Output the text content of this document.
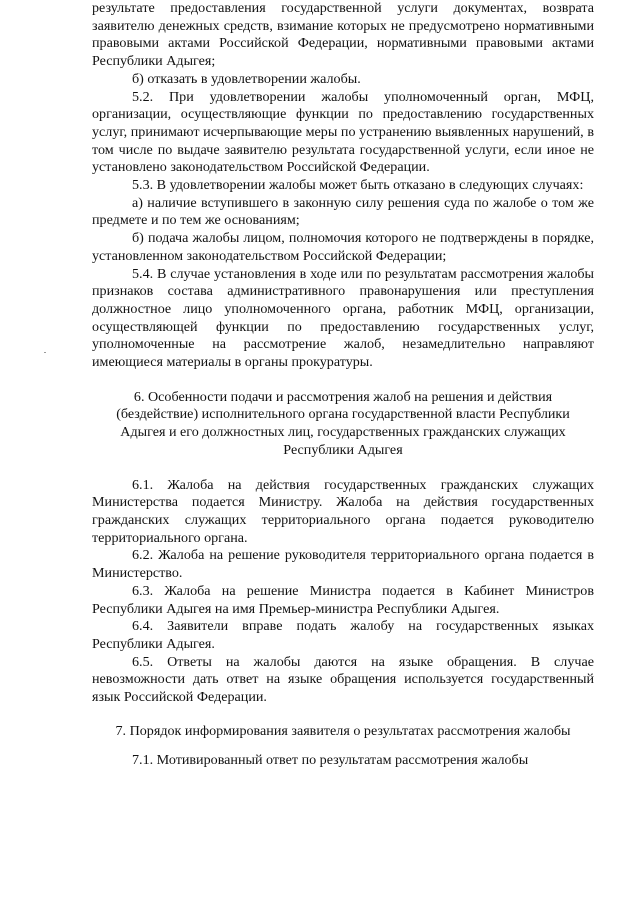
результате предоставления государственной услуги документах, возврата заявителю денежных средств, взимание которых не предусмотрено нормативными правовыми актами Российской Федерации, нормативными правовыми актами Республики Адыгея;

б) отказать в удовлетворении жалобы.

5.2. При удовлетворении жалобы уполномоченный орган, МФЦ, организации, осуществляющие функции по предоставлению государственных услуг, принимают исчерпывающие меры по устранению выявленных нарушений, в том числе по выдаче заявителю результата государственной услуги, если иное не установлено законодательством Российской Федерации.

5.3. В удовлетворении жалобы может быть отказано в следующих случаях:

а) наличие вступившего в законную силу решения суда по жалобе о том же предмете и по тем же основаниям;

б) подача жалобы лицом, полномочия которого не подтверждены в порядке, установленном законодательством Российской Федерации;

5.4. В случае установления в ходе или по результатам рассмотрения жалобы признаков состава административного правонарушения или преступления должностное лицо уполномоченного органа, работник МФЦ, организации, осуществляющей функции по предоставлению государственных услуг, уполномоченные на рассмотрение жалоб, незамедлительно направляют имеющиеся материалы в органы прокуратуры.

6. Особенности подачи и рассмотрения жалоб на решения и действия (бездействие) исполнительного органа государственной власти Республики Адыгея и его должностных лиц, государственных гражданских служащих Республики Адыгея

6.1. Жалоба на действия государственных гражданских служащих Министерства подается Министру. Жалоба на действия государственных гражданских служащих территориального органа подается руководителю территориального органа.

6.2. Жалоба на решение руководителя территориального органа подается в Министерство.

6.3. Жалоба на решение Министра подается в Кабинет Министров Республики Адыгея на имя Премьер-министра Республики Адыгея.

6.4. Заявители вправе подать жалобу на государственных языках Республики Адыгея.

6.5. Ответы на жалобы даются на языке обращения. В случае невозможности дать ответ на языке обращения используется государственный язык Российской Федерации.

7. Порядок информирования заявителя о результатах рассмотрения жалобы

7.1. Мотивированный ответ по результатам рассмотрения жалобы
